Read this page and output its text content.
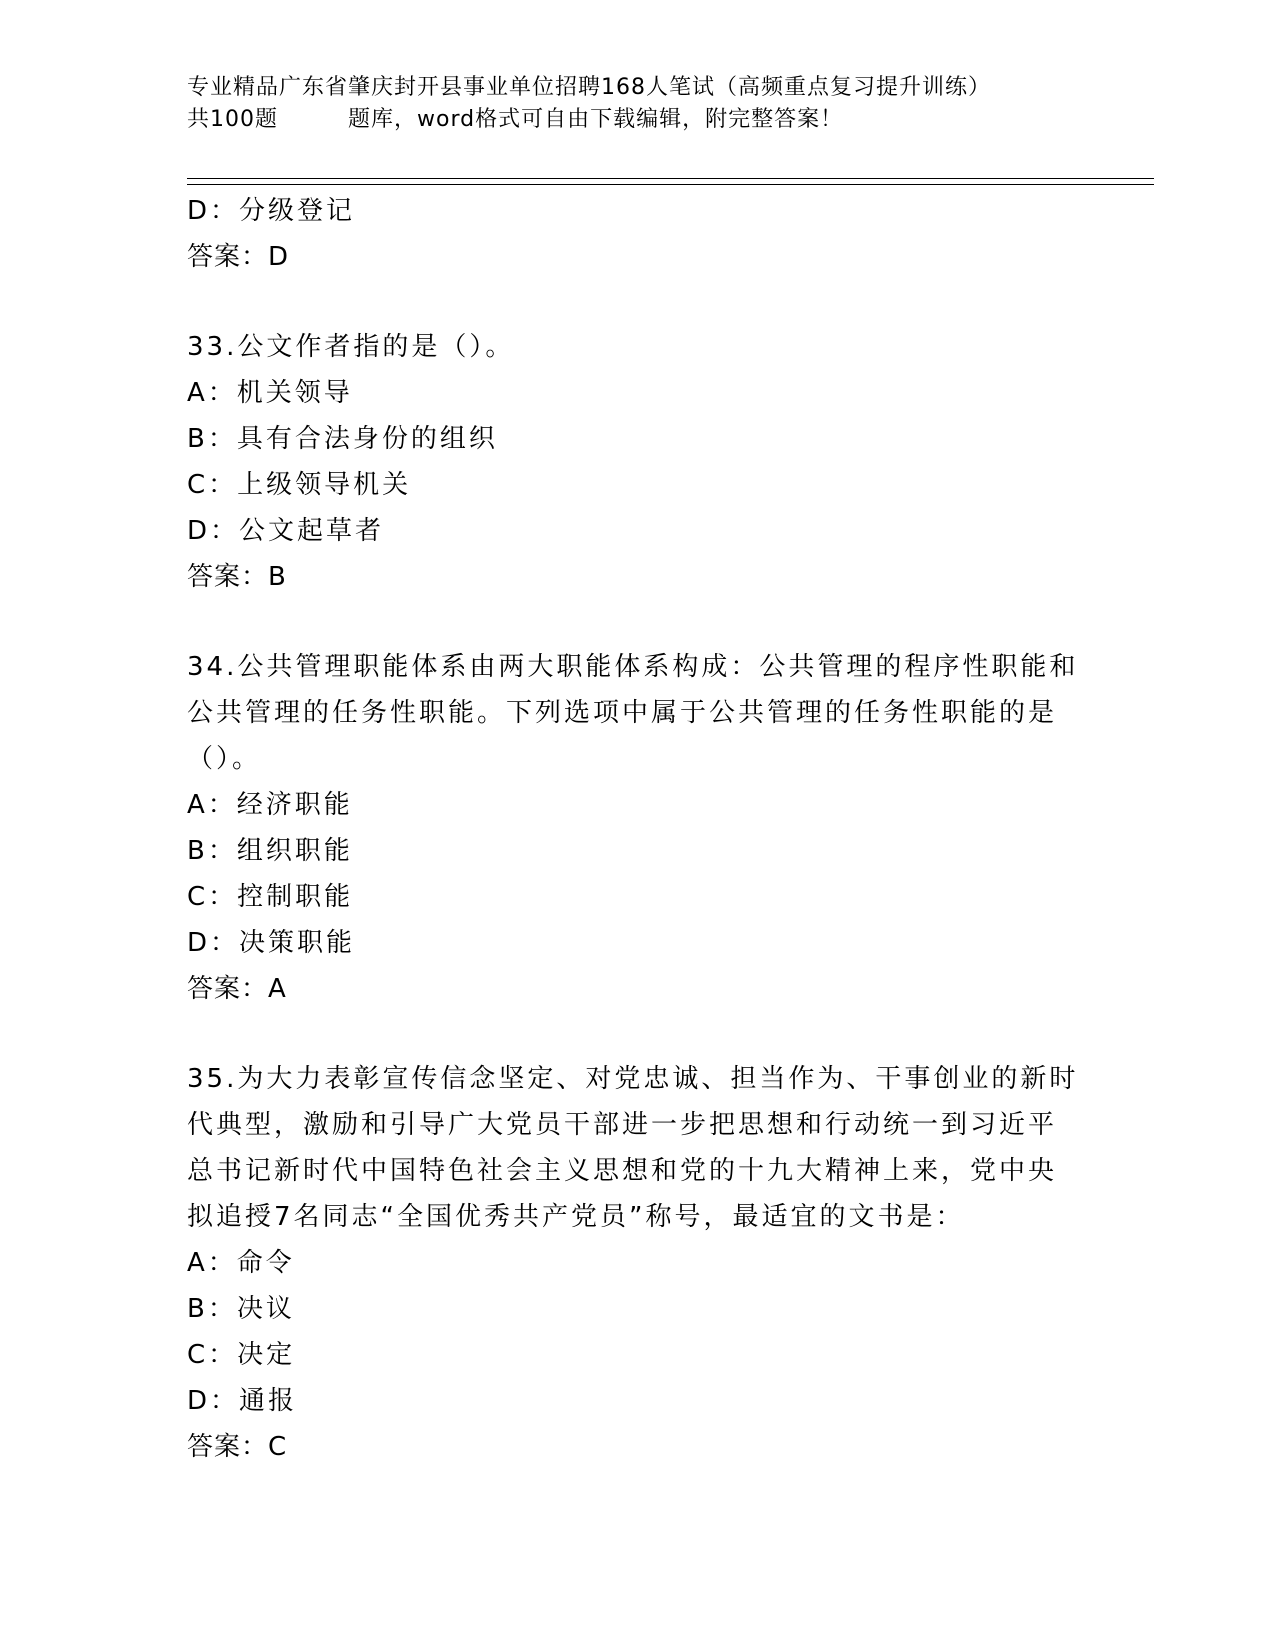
专业精品广东省肇庆封开县事业单位招聘168人笔试（高频重点复习提升训练）
共100题	题库，word格式可自由下载编辑，附完整答案！
D：分级登记
答案：D
33.公文作者指的是（）。
A：机关领导
B：具有合法身份的组织
C：上级领导机关
D：公文起草者
答案：B
34.公共管理职能体系由两大职能体系构成：公共管理的程序性职能和
公共管理的任务性职能。下列选项中属于公共管理的任务性职能的是
（）。
A：经济职能
B：组织职能
C：控制职能
D：决策职能
答案：A
35.为大力表彰宣传信念坚定、对党忠诚、担当作为、干事创业的新时
代典型，激励和引导广大党员干部进一步把思想和行动统一到习近平
总书记新时代中国特色社会主义思想和党的十九大精神上来，党中央
拟追授7名同志“全国优秀共产党员”称号，最适宜的文书是：
A：命令
B：决议
C：决定
D：通报
答案：C
